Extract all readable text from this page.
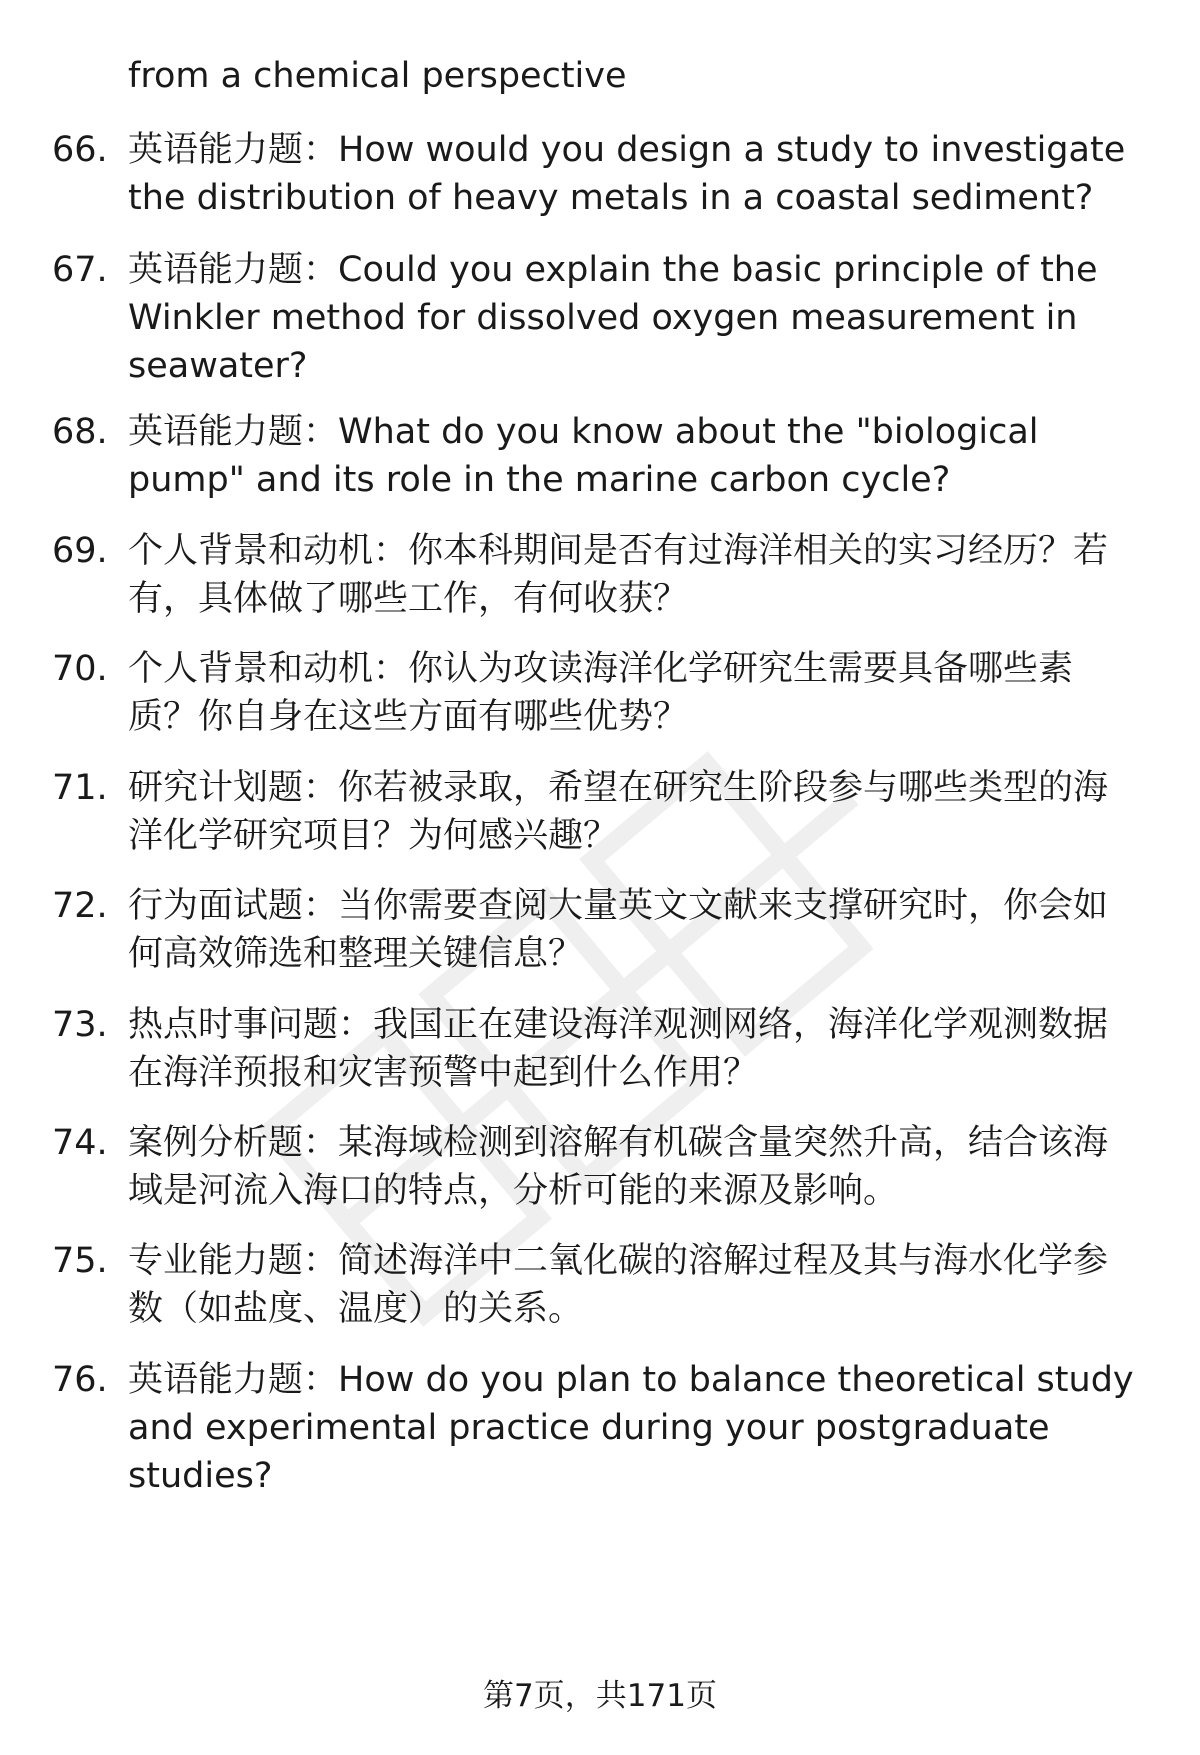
from a chemical perspective
66. 英语能力题：How would you design a study to investigate the distribution of heavy metals in a coastal sediment?
67. 英语能力题：Could you explain the basic principle of the Winkler method for dissolved oxygen measurement in seawater?
68. 英语能力题：What do you know about the "biological pump" and its role in the marine carbon cycle?
69. 个人背景和动机：你本科期间是否有过海洋相关的实习经历？若有，具体做了哪些工作，有何收获？
70. 个人背景和动机：你认为攻读海洋化学研究生需要具备哪些素质？你自身在这些方面有哪些优势？
71. 研究计划题：你若被录取，希望在研究生阶段参与哪些类型的海洋化学研究项目？为何感兴趣？
72. 行为面试题：当你需要查阅大量英文文献来支撑研究时，你会如何高效筛选和整理关键信息？
73. 热点时事问题：我国正在建设海洋观测网络，海洋化学观测数据在海洋预报和灾害预警中起到什么作用？
74. 案例分析题：某海域检测到溶解有机碳含量突然升高，结合该海域是河流入海口的特点，分析可能的来源及影响。
75. 专业能力题：简述海洋中二氧化碳的溶解过程及其与海水化学参数（如盐度、温度）的关系。
76. 英语能力题：How do you plan to balance theoretical study and experimental practice during your postgraduate studies?
第7页，共171页
